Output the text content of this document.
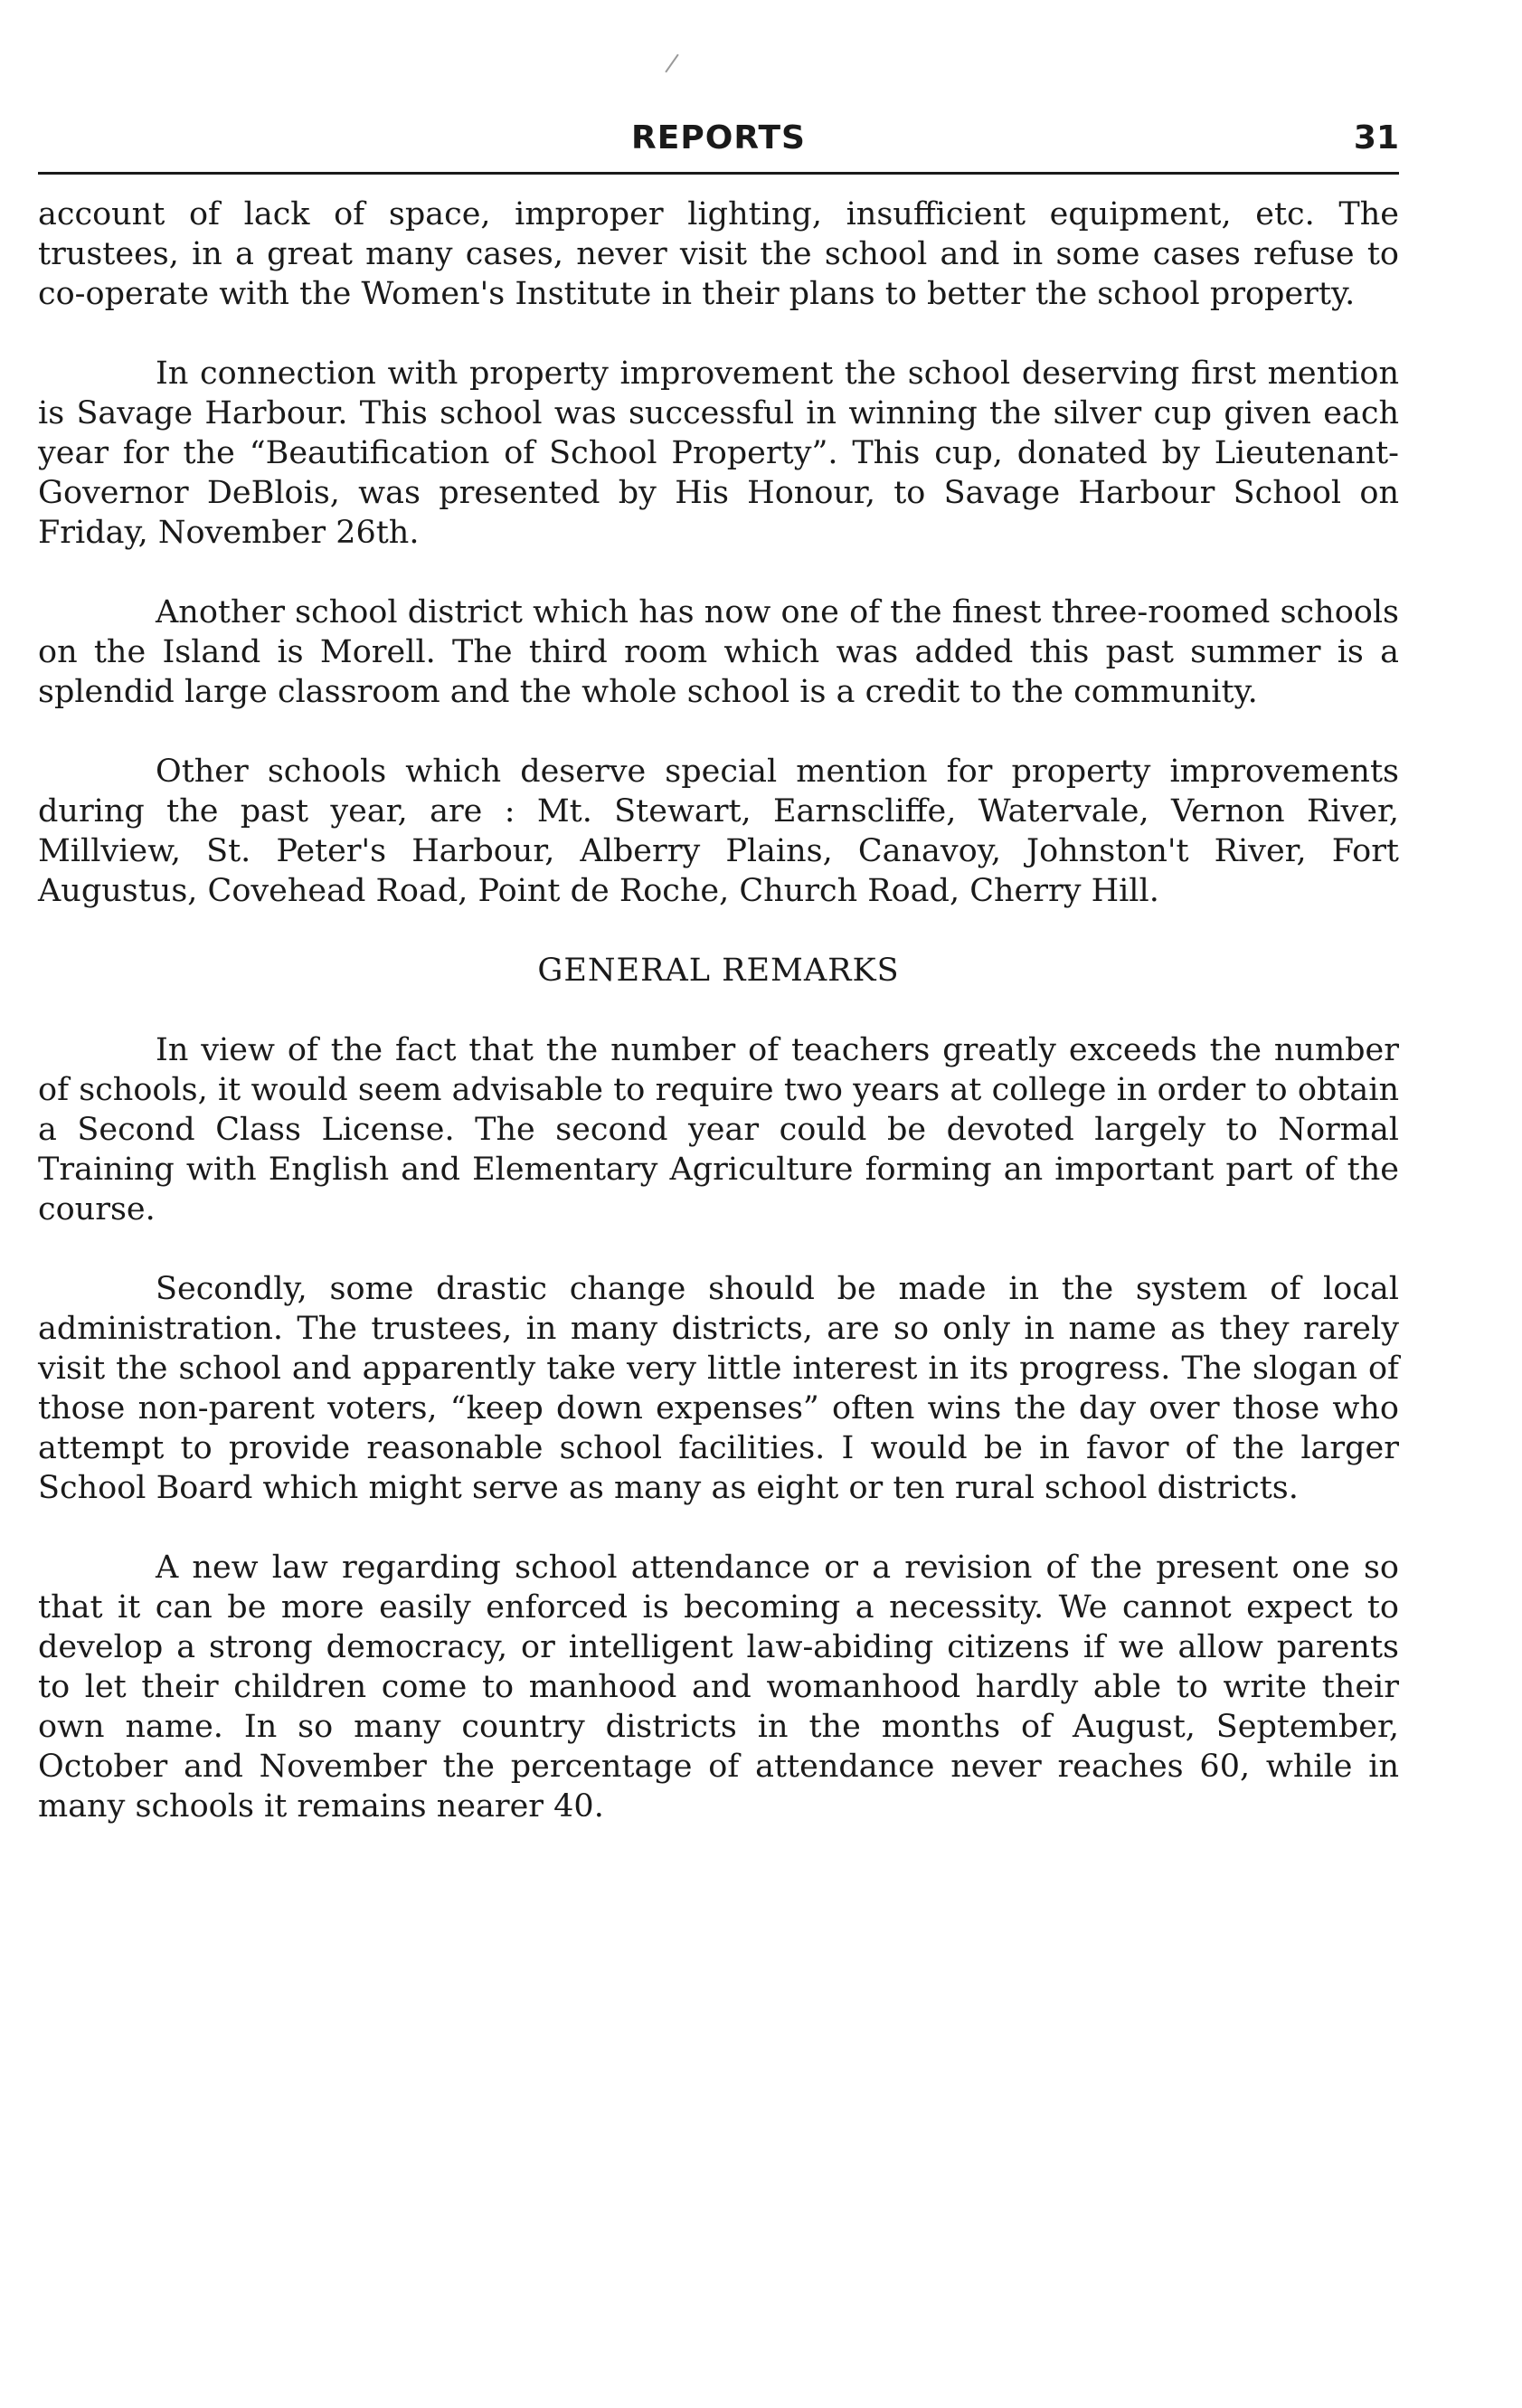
REPORTS	31

account of lack of space, improper lighting, insufficient equipment, etc. The trustees, in a great many cases, never visit the school and in some cases refuse to co-operate with the Women's Institute in their plans to better the school property.

In connection with property improvement the school deserving first mention is Savage Harbour. This school was successful in winning the silver cup given each year for the “Beautification of School Property”. This cup, donated by Lieutenant-Governor DeBlois, was presented by His Honour, to Savage Harbour School on Friday, November 26th.

Another school district which has now one of the finest three-roomed schools on the Island is Morell. The third room which was added this past summer is a splendid large classroom and the whole school is a credit to the community.

Other schools which deserve special mention for property improvements during the past year, are : Mt. Stewart, Earnscliffe, Watervale, Vernon River, Millview, St. Peter's Harbour, Alberry Plains, Canavoy, Johnston't River, Fort Augustus, Covehead Road, Point de Roche, Church Road, Cherry Hill.

GENERAL REMARKS

In view of the fact that the number of teachers greatly exceeds the number of schools, it would seem advisable to require two years at college in order to obtain a Second Class License. The second year could be devoted largely to Normal Training with English and Elementary Agriculture forming an important part of the course.

Secondly, some drastic change should be made in the system of local administration. The trustees, in many districts, are so only in name as they rarely visit the school and apparently take very little interest in its progress. The slogan of those non-parent voters, “keep down expenses” often wins the day over those who attempt to provide reasonable school facilities. I would be in favor of the larger School Board which might serve as many as eight or ten rural school districts.

A new law regarding school attendance or a revision of the present one so that it can be more easily enforced is becoming a necessity. We cannot expect to develop a strong democracy, or intelligent law-abiding citizens if we allow parents to let their children come to manhood and womanhood hardly able to write their own name. In so many country districts in the months of August, September, October and November the percentage of attendance never reaches 60, while in many schools it remains nearer 40.
